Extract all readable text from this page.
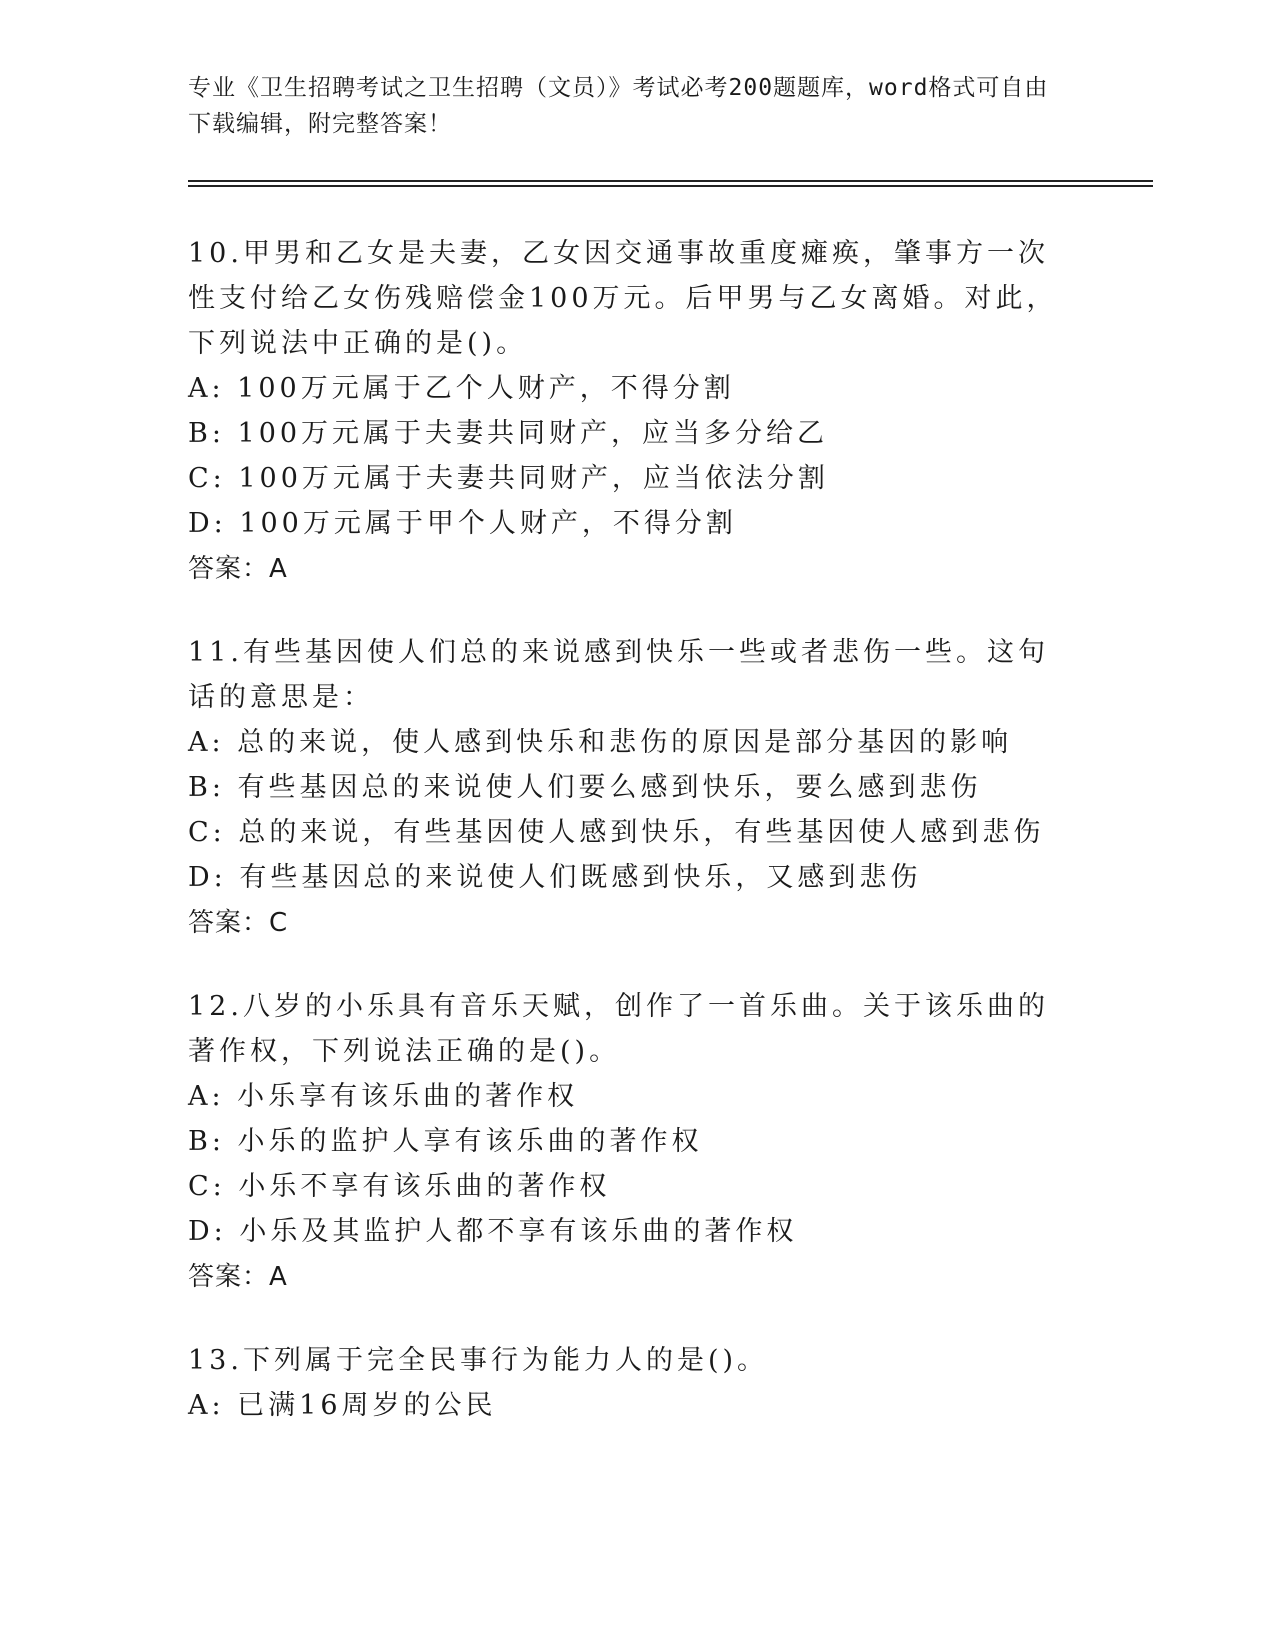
专业《卫生招聘考试之卫生招聘（文员）》考试必考200题题库，word格式可自由下载编辑，附完整答案！

10.甲男和乙女是夫妻，乙女因交通事故重度瘫痪，肇事方一次性支付给乙女伤残赔偿金100万元。后甲男与乙女离婚。对此，下列说法中正确的是()。

A: 100万元属于乙个人财产，不得分割

B: 100万元属于夫妻共同财产，应当多分给乙

C: 100万元属于夫妻共同财产，应当依法分割

D: 100万元属于甲个人财产，不得分割

答案：A

11.有些基因使人们总的来说感到快乐一些或者悲伤一些。这句话的意思是：

A: 总的来说，使人感到快乐和悲伤的原因是部分基因的影响

B: 有些基因总的来说使人们要么感到快乐，要么感到悲伤

C: 总的来说，有些基因使人感到快乐，有些基因使人感到悲伤

D: 有些基因总的来说使人们既感到快乐，又感到悲伤

答案：C

12.八岁的小乐具有音乐天赋，创作了一首乐曲。关于该乐曲的著作权，下列说法正确的是()。

A: 小乐享有该乐曲的著作权

B: 小乐的监护人享有该乐曲的著作权

C: 小乐不享有该乐曲的著作权

D: 小乐及其监护人都不享有该乐曲的著作权

答案：A

13.下列属于完全民事行为能力人的是()。

A: 已满16周岁的公民
